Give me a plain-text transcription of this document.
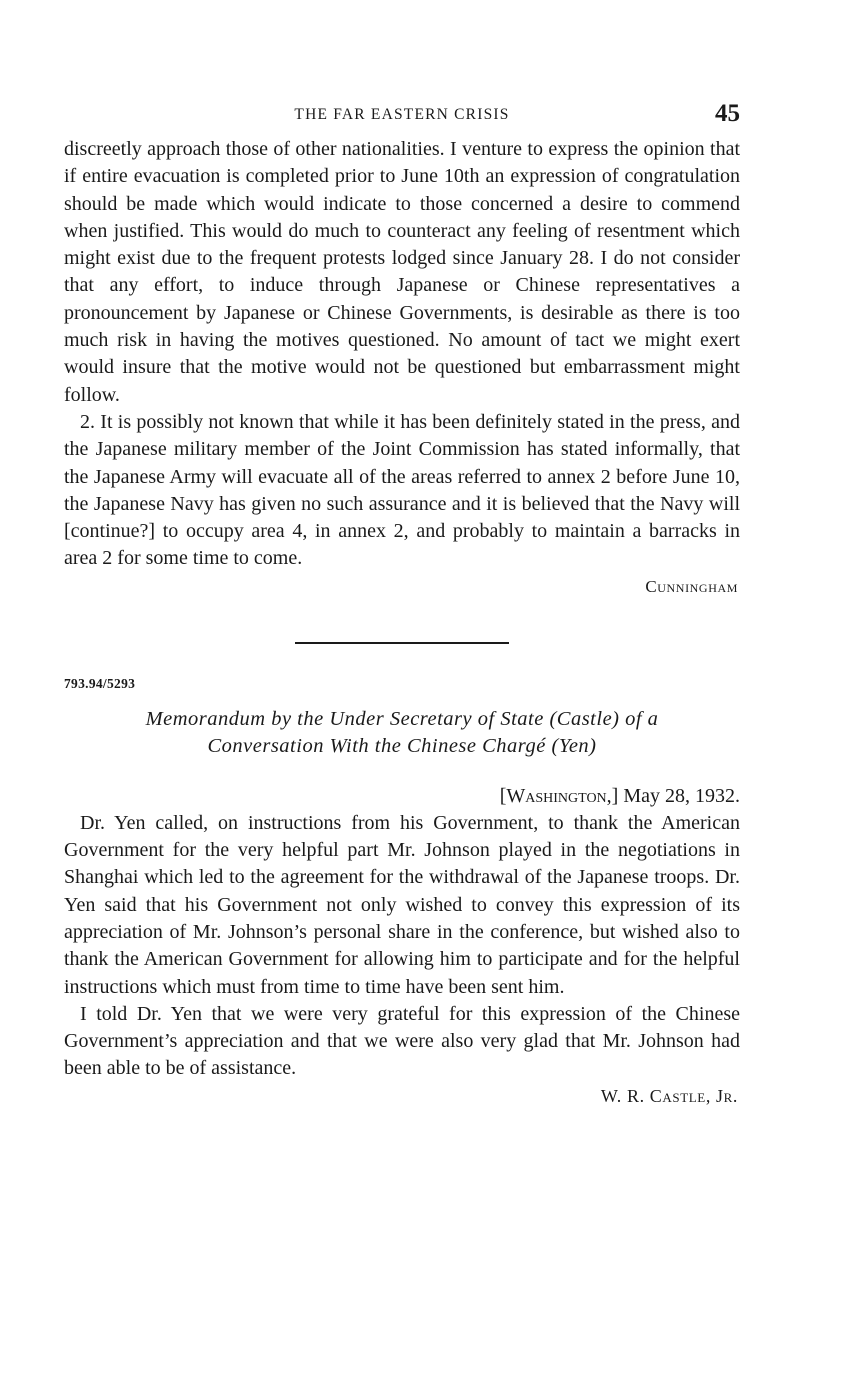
THE FAR EASTERN CRISIS	45

discreetly approach those of other nationalities. I venture to express the opinion that if entire evacuation is completed prior to June 10th an expression of congratulation should be made which would indicate to those concerned a desire to commend when justified. This would do much to counteract any feeling of resentment which might exist due to the frequent protests lodged since January 28. I do not consider that any effort, to induce through Japanese or Chinese representatives a pronouncement by Japanese or Chinese Governments, is desirable as there is too much risk in having the motives questioned. No amount of tact we might exert would insure that the motive would not be questioned but embarrassment might follow.

2. It is possibly not known that while it has been definitely stated in the press, and the Japanese military member of the Joint Commission has stated informally, that the Japanese Army will evacuate all of the areas referred to annex 2 before June 10, the Japanese Navy has given no such assurance and it is believed that the Navy will [continue?] to occupy area 4, in annex 2, and probably to maintain a barracks in area 2 for some time to come.

Cunningham
793.94/5293
Memorandum by the Under Secretary of State (Castle) of a
Conversation With the Chinese Chargé (Yen)
[Washington,] May 28, 1932.

Dr. Yen called, on instructions from his Government, to thank the American Government for the very helpful part Mr. Johnson played in the negotiations in Shanghai which led to the agreement for the withdrawal of the Japanese troops. Dr. Yen said that his Government not only wished to convey this expression of its appreciation of Mr. Johnson’s personal share in the conference, but wished also to thank the American Government for allowing him to participate and for the helpful instructions which must from time to time have been sent him.

I told Dr. Yen that we were very grateful for this expression of the Chinese Government’s appreciation and that we were also very glad that Mr. Johnson had been able to be of assistance.

W. R. Castle, Jr.
